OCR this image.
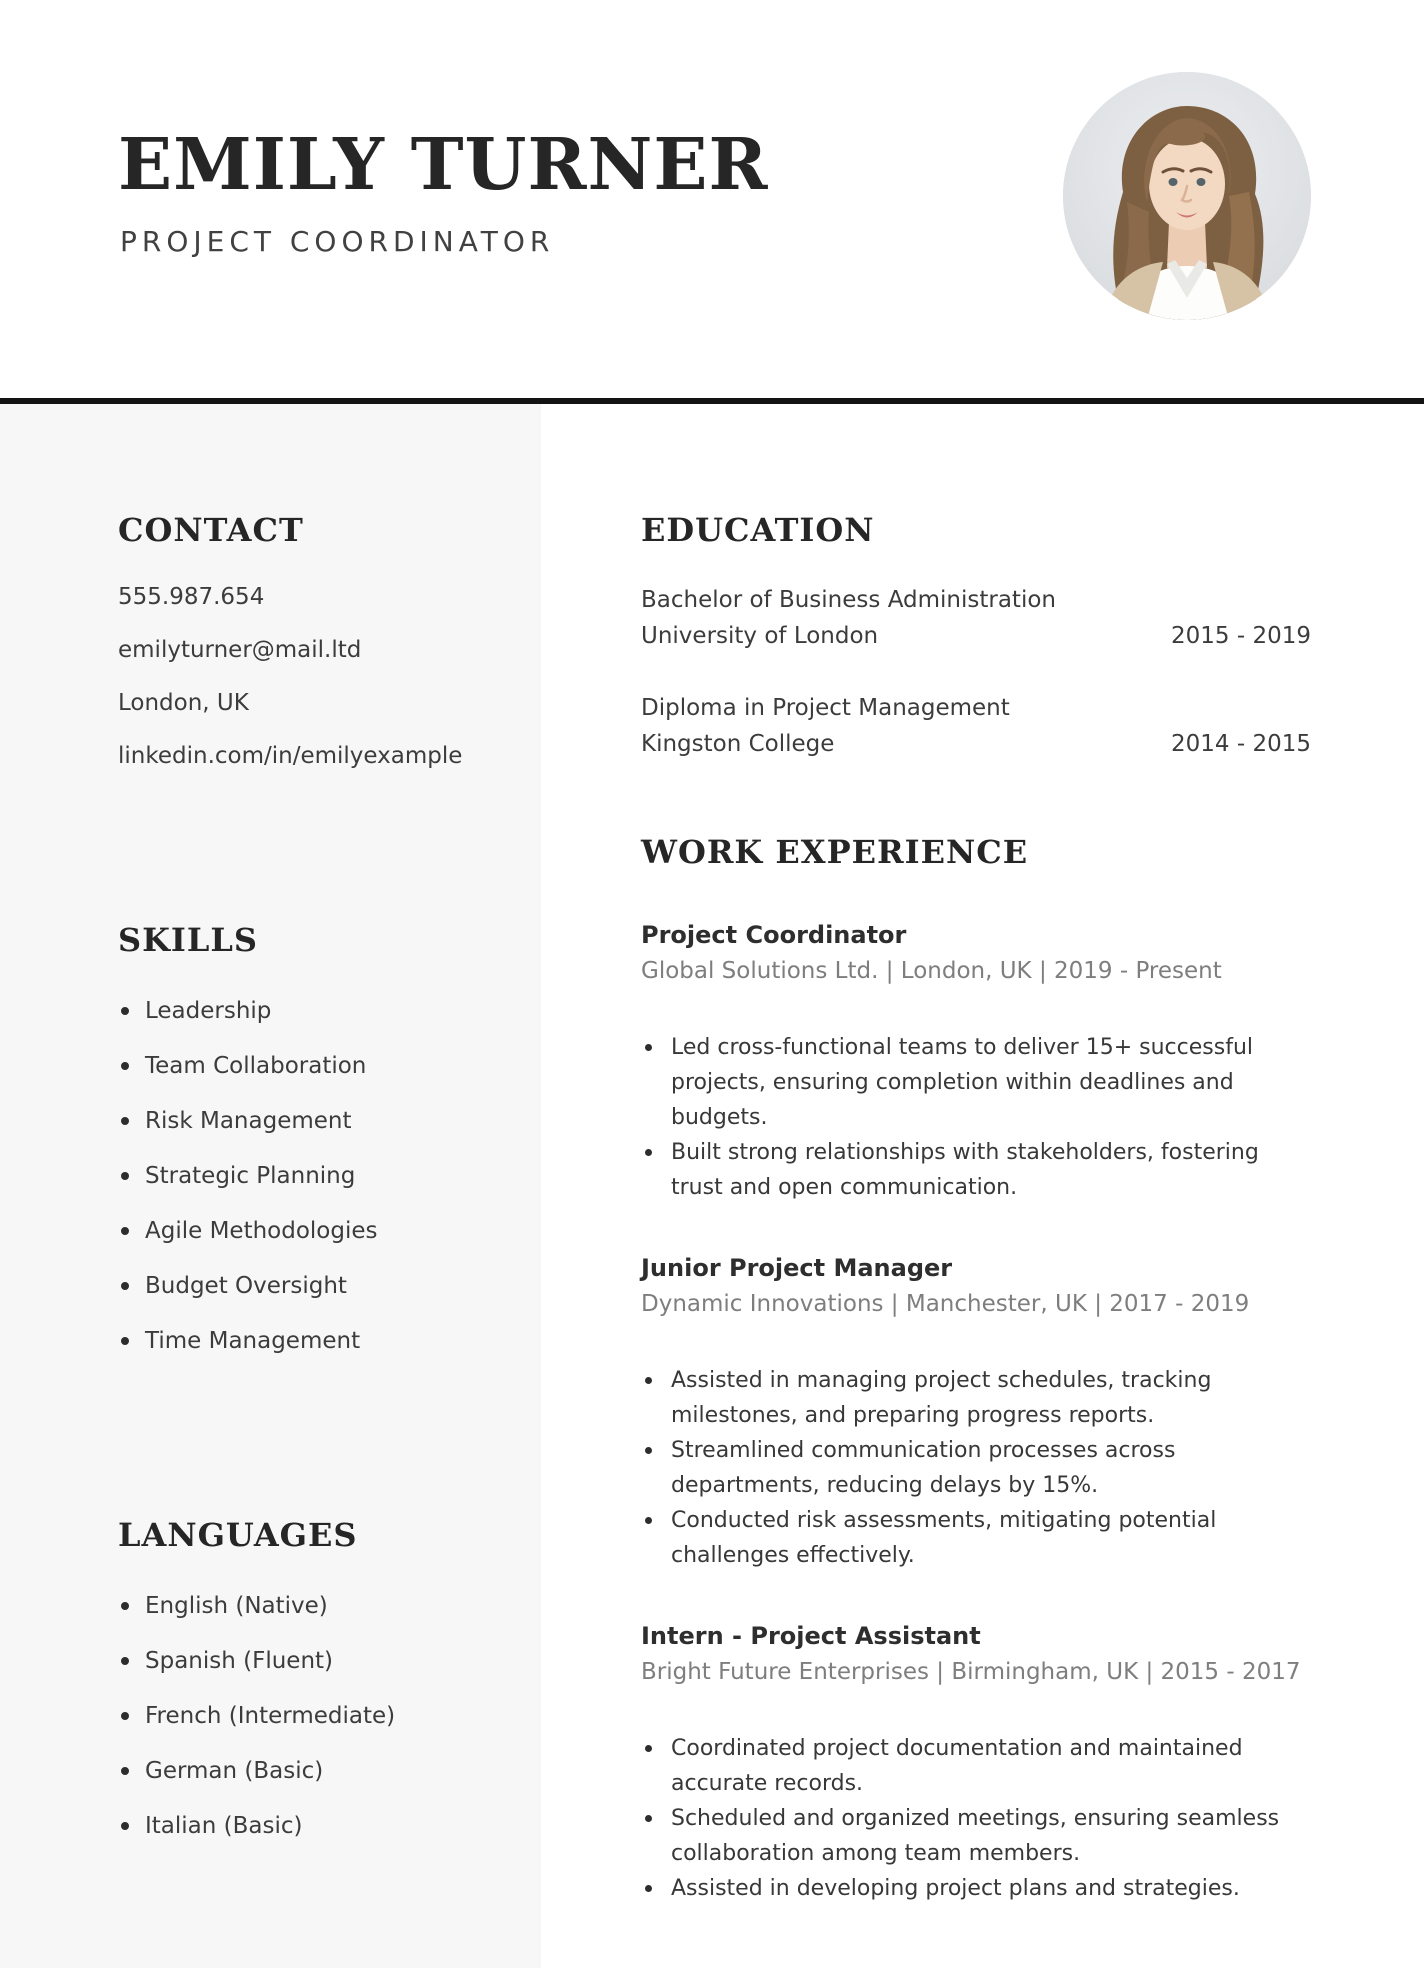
EMILY TURNER
PROJECT COORDINATOR
CONTACT
555.987.654
emilyturner@mail.ltd
London, UK
linkedin.com/in/emilyexample
SKILLS
Leadership
Team Collaboration
Risk Management
Strategic Planning
Agile Methodologies
Budget Oversight
Time Management
LANGUAGES
English (Native)
Spanish (Fluent)
French (Intermediate)
German (Basic)
Italian (Basic)
EDUCATION
Bachelor of Business Administration
University of London	2015 - 2019
Diploma in Project Management
Kingston College	2014 - 2015
WORK EXPERIENCE
Project Coordinator
Global Solutions Ltd. | London, UK | 2019 - Present
Led cross-functional teams to deliver 15+ successful projects, ensuring completion within deadlines and budgets.
Built strong relationships with stakeholders, fostering trust and open communication.
Junior Project Manager
Dynamic Innovations | Manchester, UK | 2017 - 2019
Assisted in managing project schedules, tracking milestones, and preparing progress reports.
Streamlined communication processes across departments, reducing delays by 15%.
Conducted risk assessments, mitigating potential challenges effectively.
Intern - Project Assistant
Bright Future Enterprises | Birmingham, UK | 2015 - 2017
Coordinated project documentation and maintained accurate records.
Scheduled and organized meetings, ensuring seamless collaboration among team members.
Assisted in developing project plans and strategies.
